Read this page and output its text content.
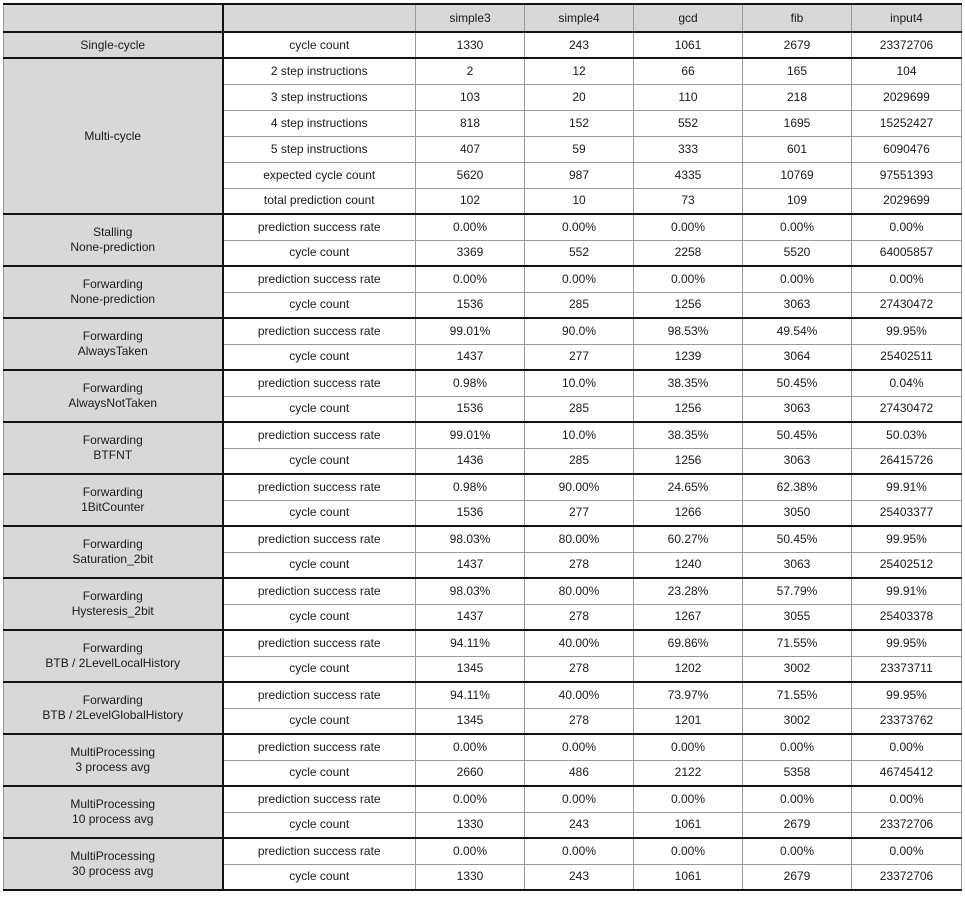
		simple3	simple4	gcd	fib	input4

Single-cycle	cycle count	1330	243	1061	2679	23372706

Multi-cycle	2 step instructions	2	12	66	165	104
	3 step instructions	103	20	110	218	2029699
	4 step instructions	818	152	552	1695	15252427
	5 step instructions	407	59	333	601	6090476
	expected cycle count	5620	987	4335	10769	97551393
	total prediction count	102	10	73	109	2029699

Stalling
None-prediction	prediction success rate	0.00%	0.00%	0.00%	0.00%	0.00%
	cycle count	3369	552	2258	5520	64005857

Forwarding
None-prediction	prediction success rate	0.00%	0.00%	0.00%	0.00%	0.00%
	cycle count	1536	285	1256	3063	27430472

Forwarding
AlwaysTaken	prediction success rate	99.01%	90.0%	98.53%	49.54%	99.95%
	cycle count	1437	277	1239	3064	25402511

Forwarding
AlwaysNotTaken	prediction success rate	0.98%	10.0%	38.35%	50.45%	0.04%
	cycle count	1536	285	1256	3063	27430472

Forwarding
BTFNT	prediction success rate	99.01%	10.0%	38.35%	50.45%	50.03%
	cycle count	1436	285	1256	3063	26415726

Forwarding
1BitCounter	prediction success rate	0.98%	90.00%	24.65%	62.38%	99.91%
	cycle count	1536	277	1266	3050	25403377

Forwarding
Saturation_2bit	prediction success rate	98.03%	80.00%	60.27%	50.45%	99.95%
	cycle count	1437	278	1240	3063	25402512

Forwarding
Hysteresis_2bit	prediction success rate	98.03%	80.00%	23.28%	57.79%	99.91%
	cycle count	1437	278	1267	3055	25403378

Forwarding
BTB / 2LevelLocalHistory	prediction success rate	94.11%	40.00%	69.86%	71.55%	99.95%
	cycle count	1345	278	1202	3002	23373711

Forwarding
BTB / 2LevelGlobalHistory	prediction success rate	94.11%	40.00%	73.97%	71.55%	99.95%
	cycle count	1345	278	1201	3002	23373762

MultiProcessing
3 process avg	prediction success rate	0.00%	0.00%	0.00%	0.00%	0.00%
	cycle count	2660	486	2122	5358	46745412

MultiProcessing
10 process avg	prediction success rate	0.00%	0.00%	0.00%	0.00%	0.00%
	cycle count	1330	243	1061	2679	23372706

MultiProcessing
30 process avg	prediction success rate	0.00%	0.00%	0.00%	0.00%	0.00%
	cycle count	1330	243	1061	2679	23372706
